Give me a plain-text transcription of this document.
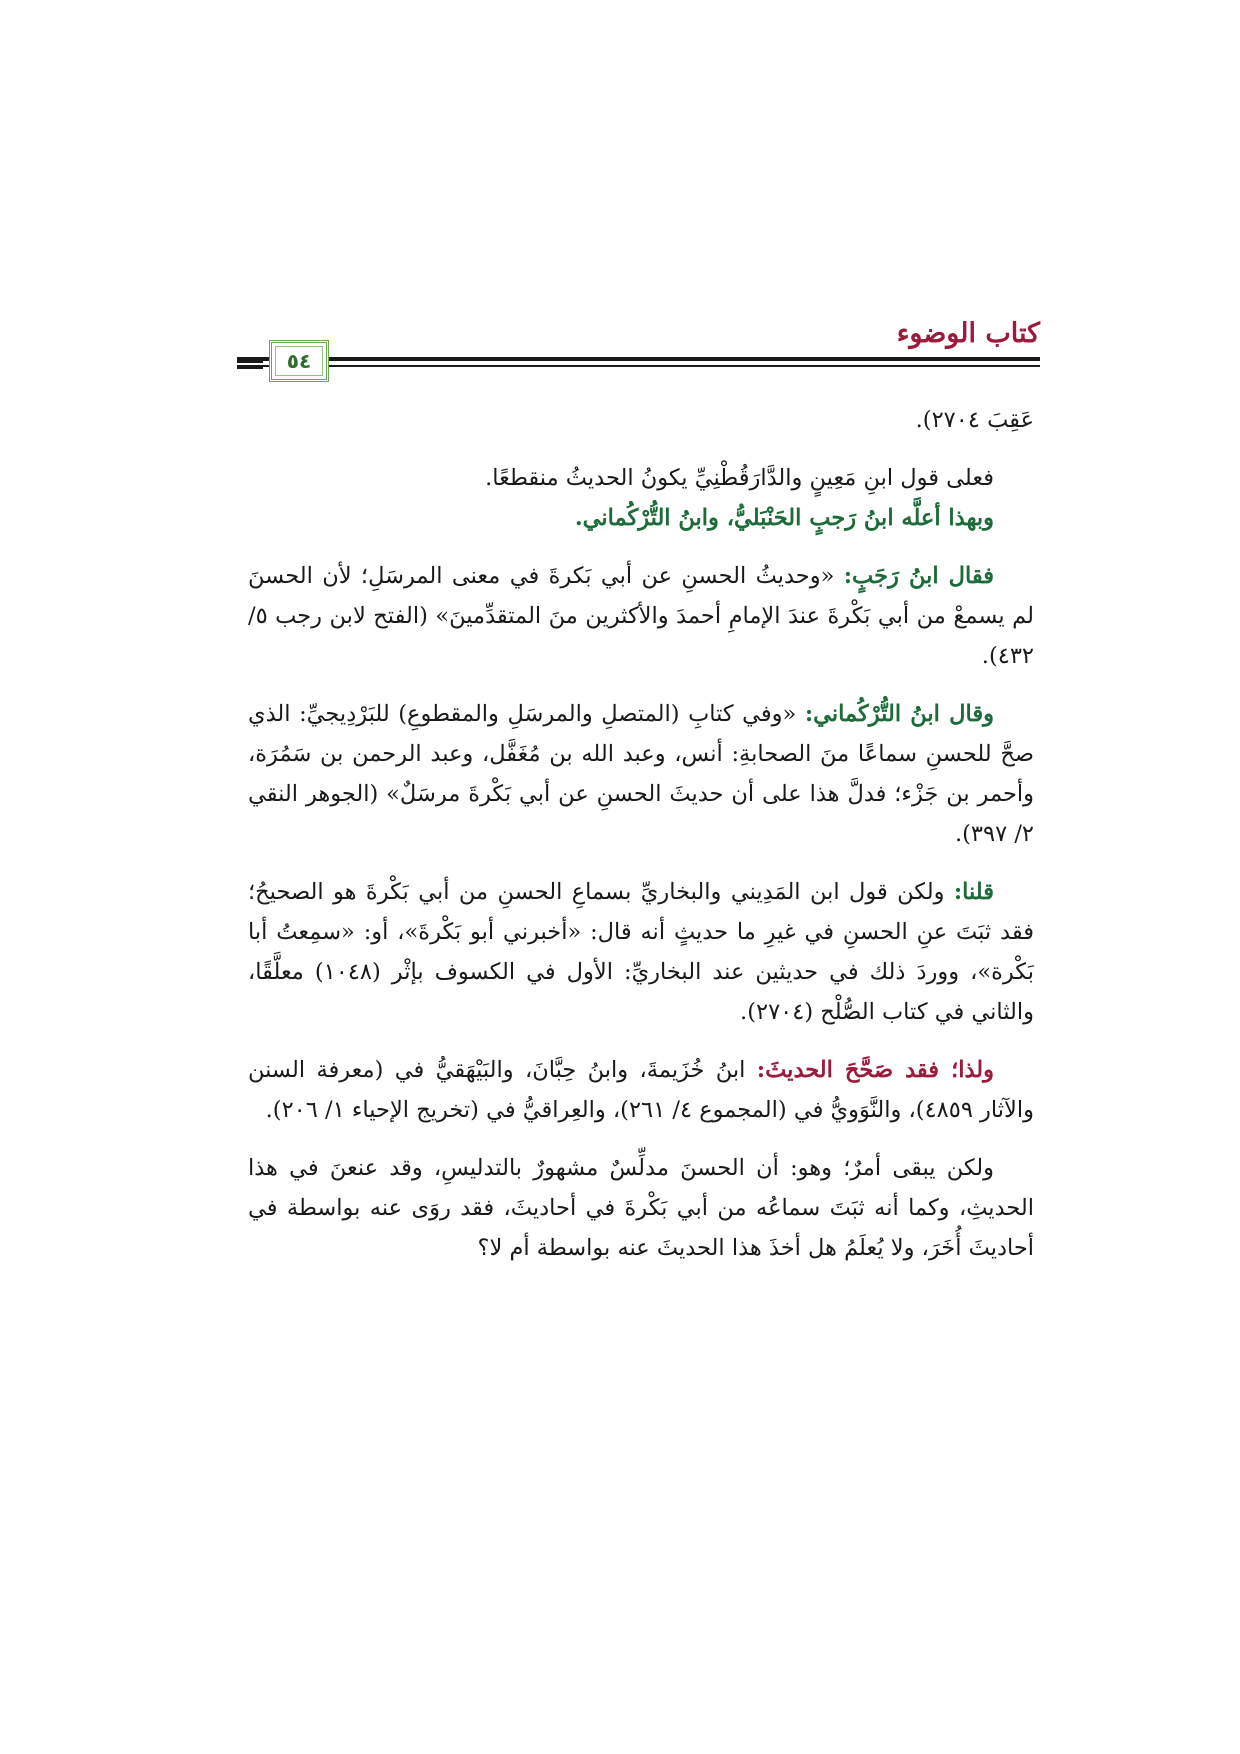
كتاب الوضوء
٥٤

عَقِبَ ٢٧٠٤).

فعلى قول ابنِ مَعِينٍ والدَّارَقُطْنِيِّ يكونُ الحديثُ منقطعًا.

وبهذا أعلَّه ابنُ رَجبٍ الحَنْبَليُّ، وابنُ التُّرْكُماني.

فقال ابنُ رَجَبٍ: «وحديثُ الحسنِ عن أبي بَكرةَ في معنى المرسَلِ؛ لأن الحسنَ لم يسمعْ من أبي بَكْرةَ عندَ الإمامِ أحمدَ والأكثرين منَ المتقدِّمينَ» (الفتح لابن رجب ٥/ ٤٣٢).

وقال ابنُ التُّرْكُماني: «وفي كتابِ (المتصلِ والمرسَلِ والمقطوعِ) للبَرْدِيجيِّ: الذي صحَّ للحسنِ سماعًا منَ الصحابةِ: أنس، وعبد الله بن مُغَفَّل، وعبد الرحمن بن سَمُرَة، وأحمر بن جَزْء؛ فدلَّ هذا على أن حديثَ الحسنِ عن أبي بَكْرةَ مرسَلٌ» (الجوهر النقي ٢/ ٣٩٧).

قلنا: ولكن قول ابن المَدِيني والبخاريِّ بسماعِ الحسنِ من أبي بَكْرةَ هو الصحيحُ؛ فقد ثبَتَ عنِ الحسنِ في غيرِ ما حديثٍ أنه قال: «أخبرني أبو بَكْرةَ»، أو: «سمِعتُ أبا بَكْرة»، ووردَ ذلك في حديثين عند البخاريِّ: الأول في الكسوف بإثْر (١٠٤٨) معلَّقًا، والثاني في كتاب الصُّلْح (٢٧٠٤).

ولذا؛ فقد صَحَّحَ الحديثَ: ابنُ خُزَيمةَ، وابنُ حِبَّانَ، والبَيْهَقيُّ في (معرفة السنن والآثار ٤٨٥٩)، والنَّوَويُّ في (المجموع ٤/ ٢٦١)، والعِراقيُّ في (تخريج الإحياء ١/ ٢٠٦).

ولكن يبقى أمرٌ؛ وهو: أن الحسنَ مدلِّسٌ مشهورٌ بالتدليسِ، وقد عنعنَ في هذا الحديثِ، وكما أنه ثبَتَ سماعُه من أبي بَكْرةَ في أحاديثَ، فقد روَى عنه بواسطة في أحاديثَ أُخَرَ، ولا يُعلَمُ هل أخذَ هذا الحديثَ عنه بواسطة أم لا؟
